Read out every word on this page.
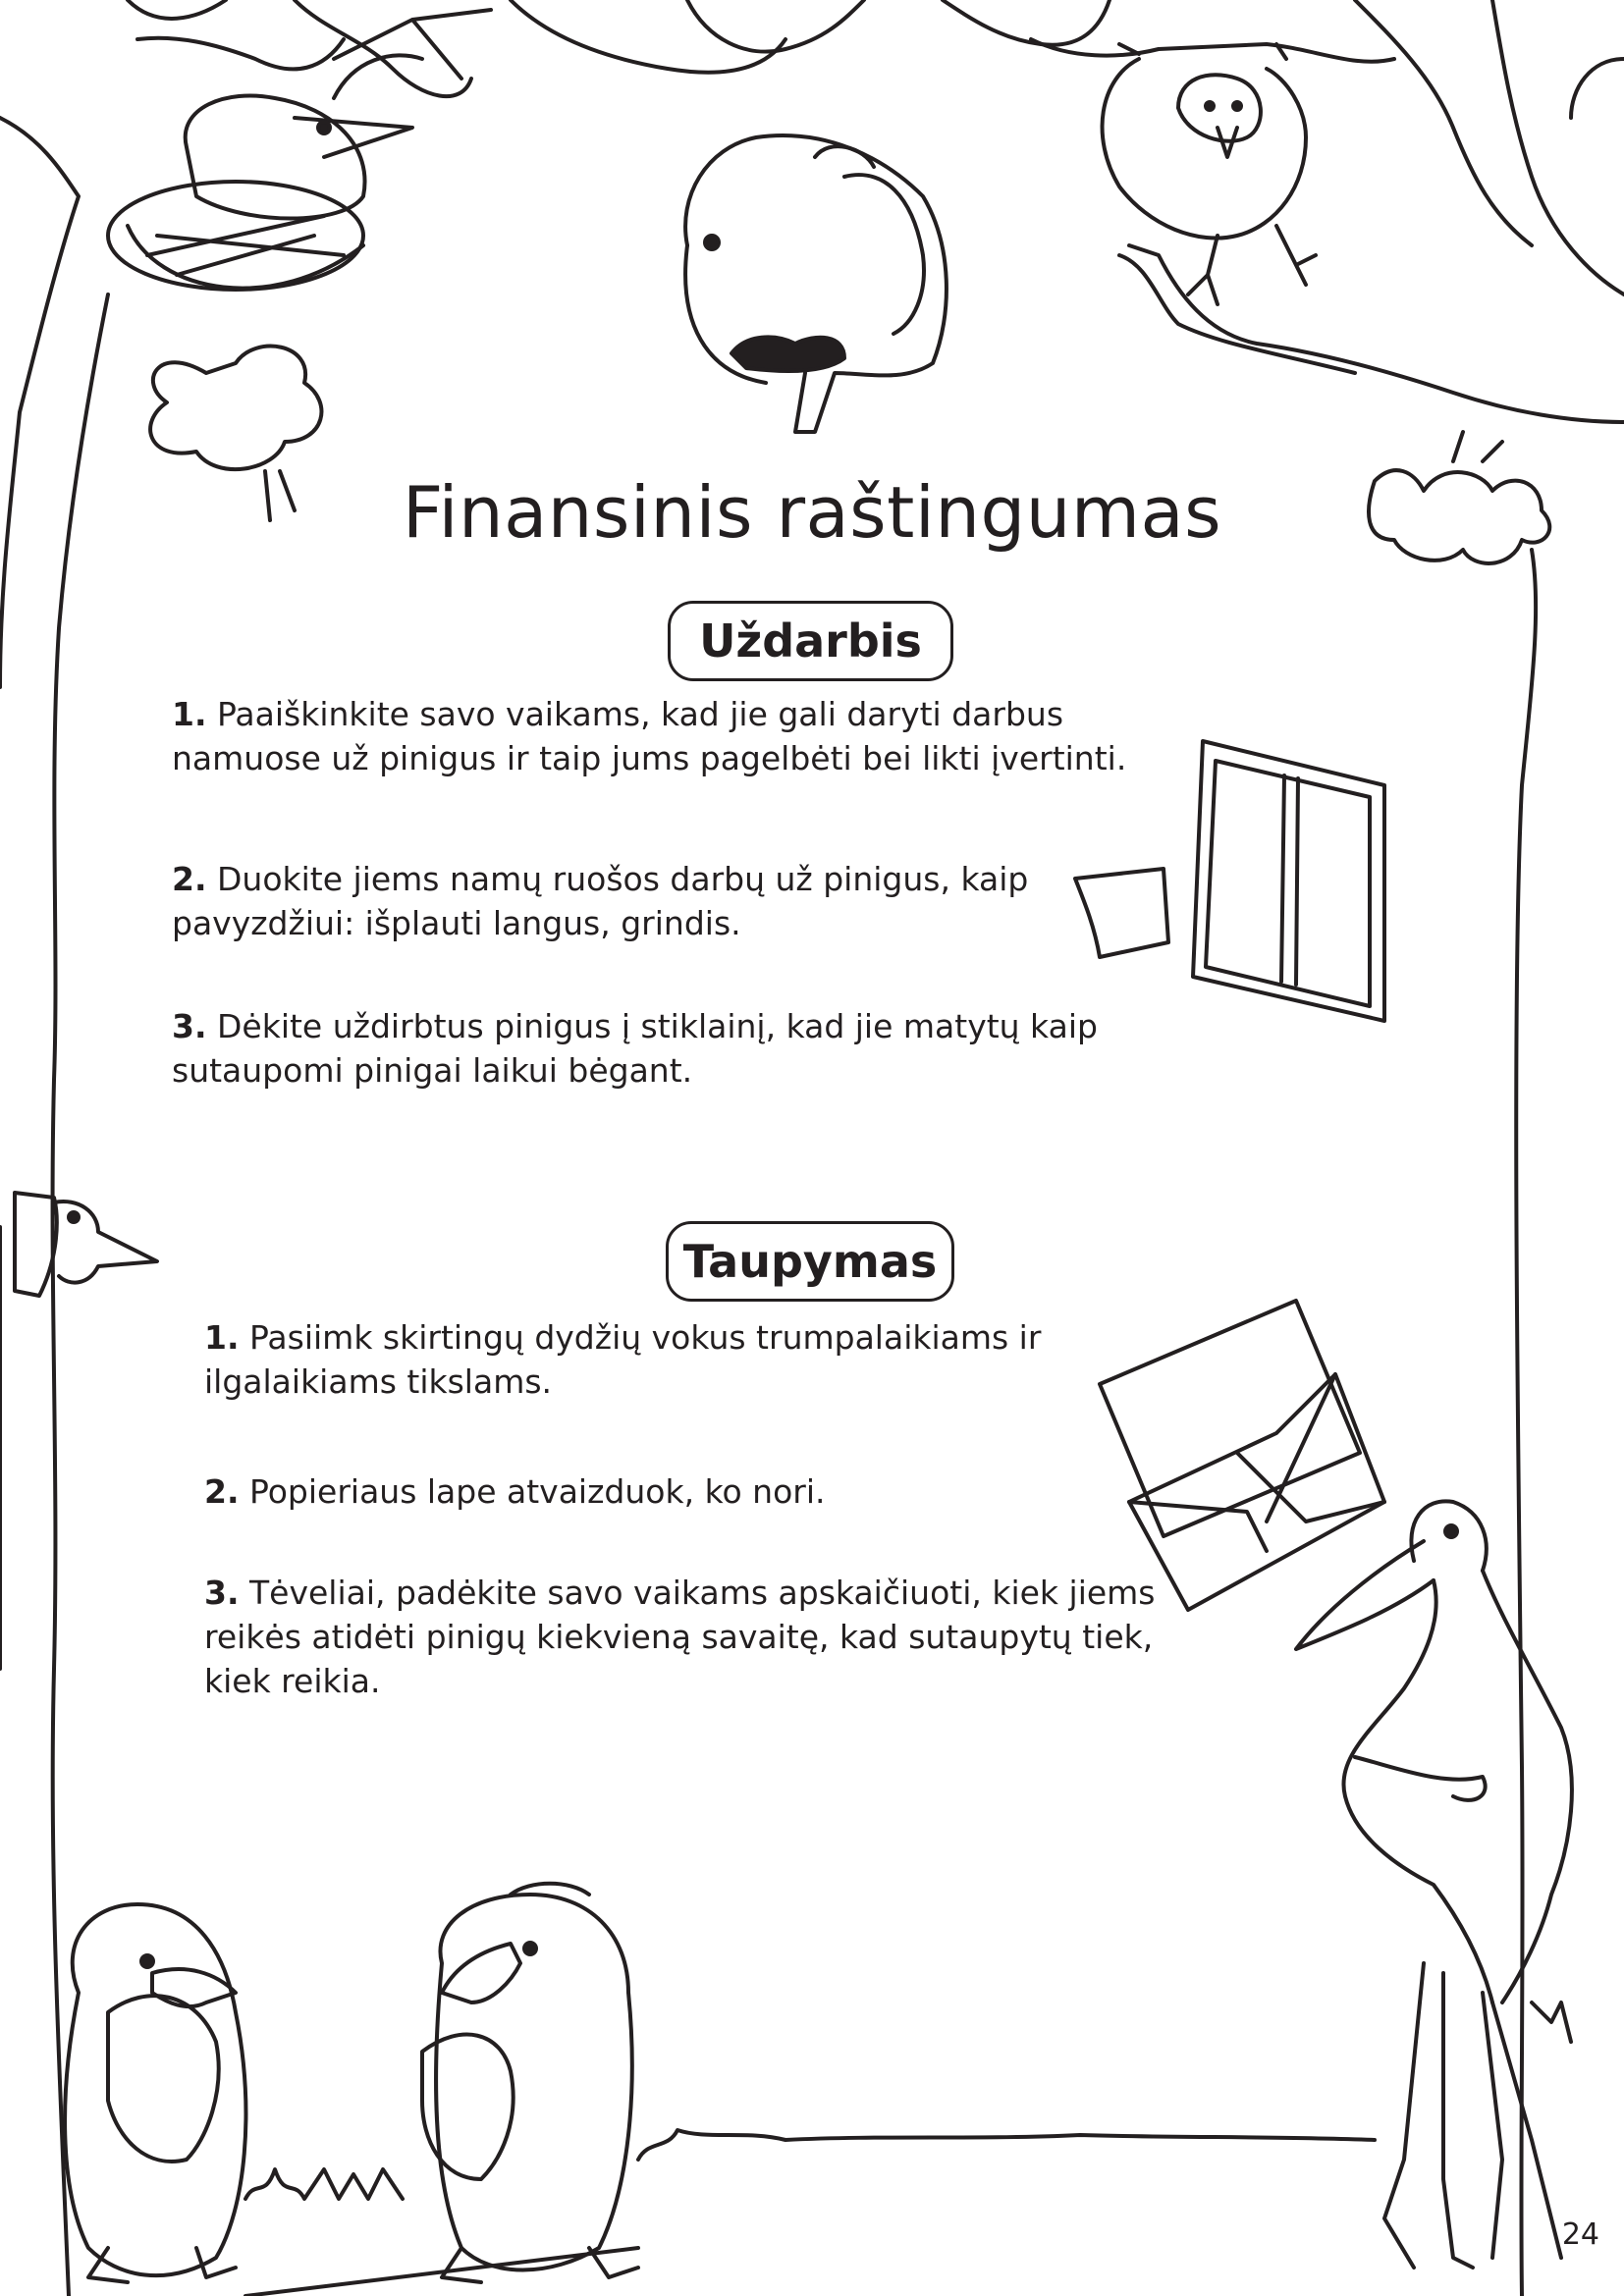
Finansinis raštingumas
Uždarbis

1. Paaiškinkite savo vaikams, kad jie gali daryti darbus namuose už pinigus ir taip jums pagelbėti bei likti įvertinti.

2. Duokite jiems namų ruošos darbų už pinigus, kaip pavyzdžiui: išplauti langus, grindis.

3. Dėkite uždirbtus pinigus į stiklainį, kad jie matytų kaip sutaupomi pinigai laikui bėgant.

Taupymas

1. Pasiimk skirtingų dydžių vokus trumpalaikiams ir ilgalaikiams tikslams.

2. Popieriaus lape atvaizduok, ko nori.

3. Tėveliai, padėkite savo vaikams apskaičiuoti, kiek jiems reikės atidėti pinigų kiekvieną savaitę, kad sutaupytų tiek, kiek reikia.

24
